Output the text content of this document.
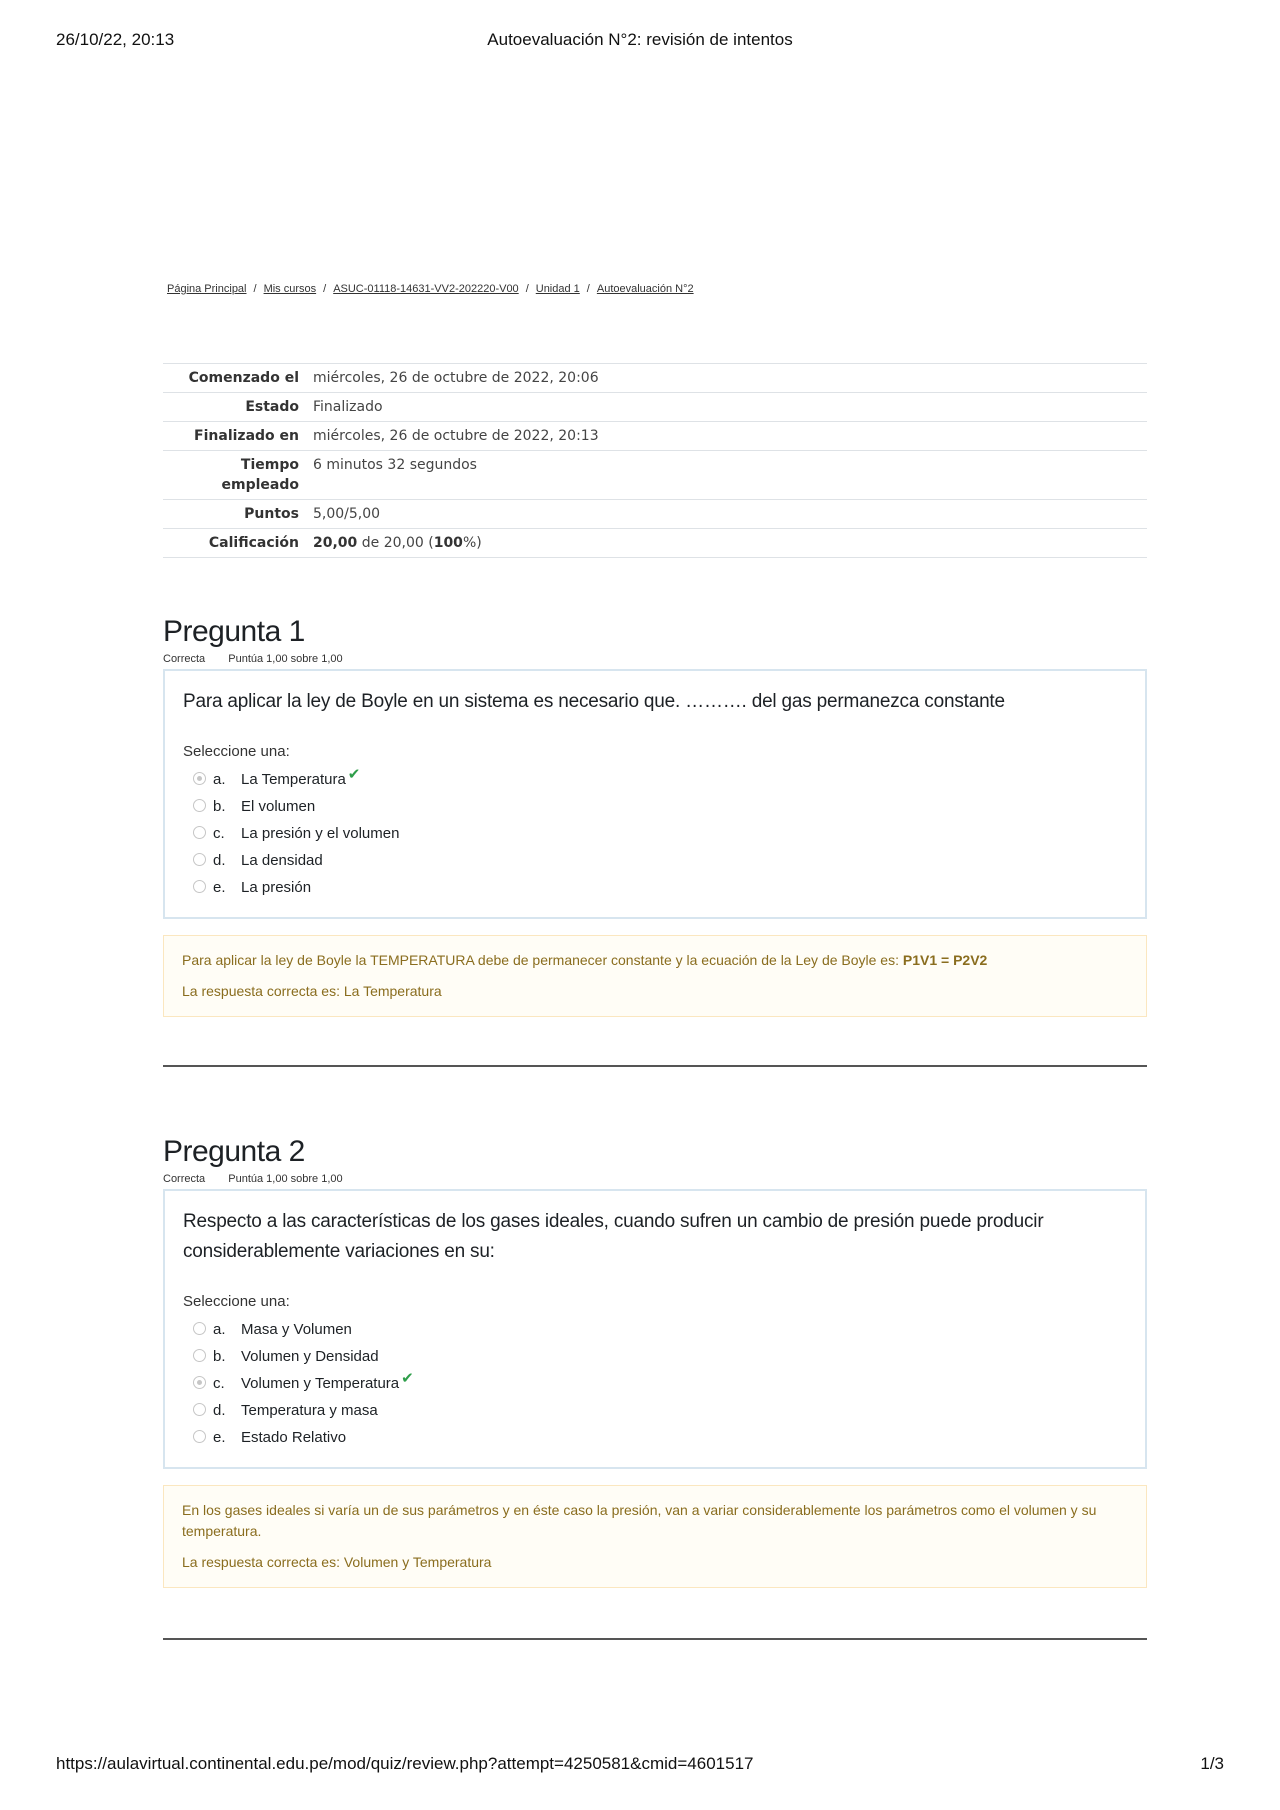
26/10/22, 20:13	Autoevaluación N°2: revisión de intentos
Página Principal / Mis cursos / ASUC-01118-14631-VV2-202220-V00 / Unidad 1 / Autoevaluación N°2
Comenzado el	miércoles, 26 de octubre de 2022, 20:06
Estado	Finalizado
Finalizado en	miércoles, 26 de octubre de 2022, 20:13
Tiempo empleado	6 minutos 32 segundos
Puntos	5,00/5,00
Calificación	20,00 de 20,00 (100%)
Pregunta 1
Correcta Puntúa 1,00 sobre 1,00
Para aplicar la ley de Boyle en un sistema es necesario que. ………. del gas permanezca constante
Seleccione una:
a. La Temperatura ✔
b. El volumen
c. La presión y el volumen
d. La densidad
e. La presión
Para aplicar la ley de Boyle la TEMPERATURA debe de permanecer constante y la ecuación de la Ley de Boyle es: P1V1 = P2V2
La respuesta correcta es: La Temperatura
Pregunta 2
Correcta Puntúa 1,00 sobre 1,00
Respecto a las características de los gases ideales, cuando sufren un cambio de presión puede producir considerablemente variaciones en su:
Seleccione una:
a. Masa y Volumen
b. Volumen y Densidad
c. Volumen y Temperatura ✔
d. Temperatura y masa
e. Estado Relativo
En los gases ideales si varía un de sus parámetros y en éste caso la presión, van a variar considerablemente los parámetros como el volumen y su temperatura.
La respuesta correcta es: Volumen y Temperatura
https://aulavirtual.continental.edu.pe/mod/quiz/review.php?attempt=4250581&cmid=4601517	1/3
